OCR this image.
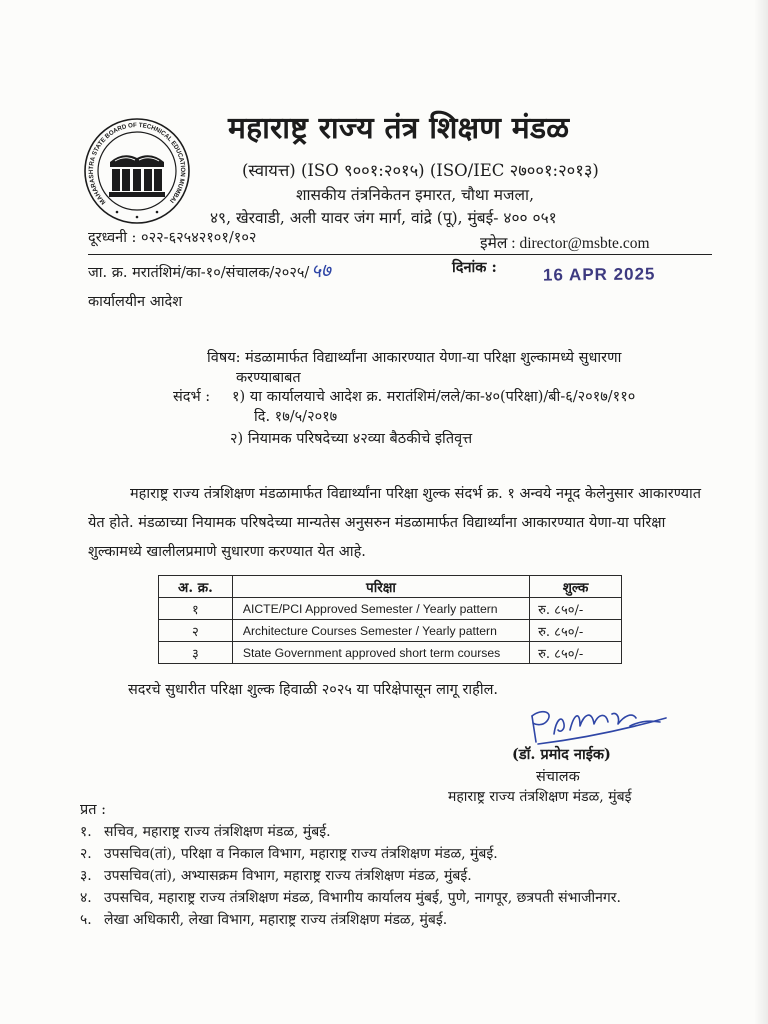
MAHARASHTRA STATE BOARD OF TECHNICAL EDUCATION MUMBAI
महाराष्ट्र राज्य तंत्र शिक्षण मंडळ
(स्वायत्त) (ISO ९००१:२०१५) (ISO/IEC २७००१:२०१३)
शासकीय तंत्रनिकेतन इमारत, चौथा मजला,
४९, खेरवाडी, अली यावर जंग मार्ग, वांद्रे (पू), मुंबई- ४०० ०५१
दूरध्वनी : ०२२-६२५४२१०१/१०२	इमेल : director@msbte.com
जा. क्र. मरातंशिमं/का-१०/संचालक/२०२५/५७	दिनांक :	16 APR 2025
कार्यालयीन आदेश
विषय: मंडळामार्फत विद्यार्थ्यांना आकारण्यात येणा-या परिक्षा शुल्कामध्ये सुधारणा
करण्याबाबत
संदर्भ : १) या कार्यालयाचे आदेश क्र. मरातंशिमं/लले/का-४०(परिक्षा)/बी-६/२०१७/११०
दि. १७/५/२०१७
२) नियामक परिषदेच्या ४२व्या बैठकीचे इतिवृत्त

महाराष्ट्र राज्य तंत्रशिक्षण मंडळामार्फत विद्यार्थ्यांना परिक्षा शुल्क संदर्भ क्र. १ अन्वये नमूद केलेनुसार आकारण्यात येत होते. मंडळाच्या नियामक परिषदेच्या मान्यतेस अनुसरुन मंडळामार्फत विद्यार्थ्यांना आकारण्यात येणा-या परिक्षा शुल्कामध्ये खालीलप्रमाणे सुधारणा करण्यात येत आहे.

अ. क्र.	परिक्षा	शुल्क
१	AICTE/PCI Approved Semester / Yearly pattern	रु. ८५०/-
२	Architecture Courses Semester / Yearly pattern	रु. ८५०/-
३	State Government approved short term courses	रु. ८५०/-
सदरचे सुधारीत परिक्षा शुल्क हिवाळी २०२५ या परिक्षेपासून लागू राहील.
(डॉ. प्रमोद नाईक)
संचालक
महाराष्ट्र राज्य तंत्रशिक्षण मंडळ, मुंबई
प्रत :
१. सचिव, महाराष्ट्र राज्य तंत्रशिक्षण मंडळ, मुंबई.
२. उपसचिव(तां), परिक्षा व निकाल विभाग, महाराष्ट्र राज्य तंत्रशिक्षण मंडळ, मुंबई.
३. उपसचिव(तां), अभ्यासक्रम विभाग, महाराष्ट्र राज्य तंत्रशिक्षण मंडळ, मुंबई.
४. उपसचिव, महाराष्ट्र राज्य तंत्रशिक्षण मंडळ, विभागीय कार्यालय मुंबई, पुणे, नागपूर, छत्रपती संभाजीनगर.
५. लेखा अधिकारी, लेखा विभाग, महाराष्ट्र राज्य तंत्रशिक्षण मंडळ, मुंबई.
